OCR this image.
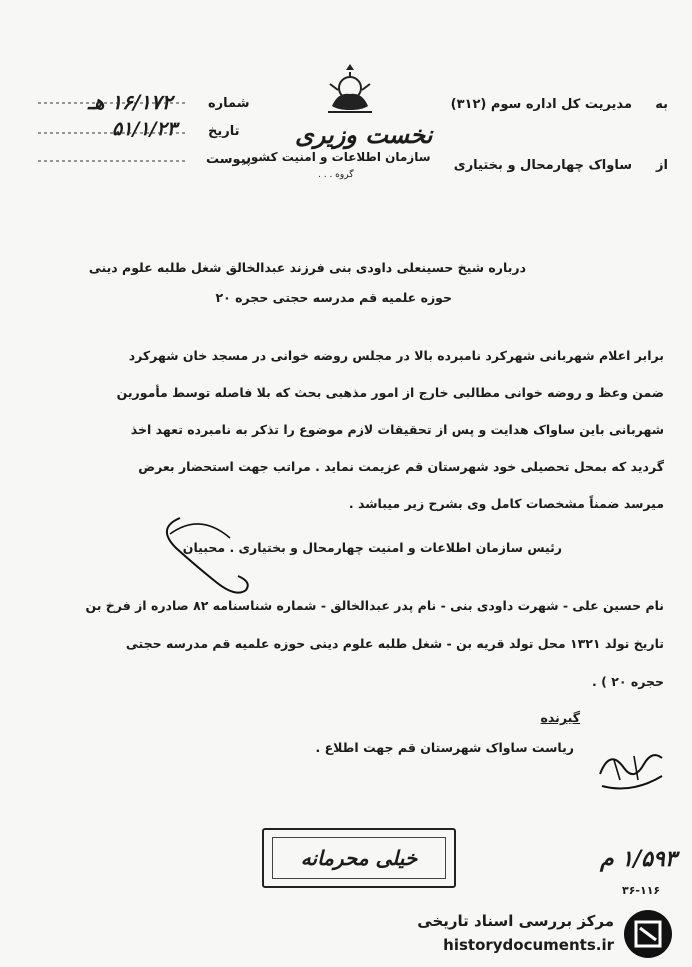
نخست وزیری
سازمان اطلاعات و امنیت کشور
گروه . . .
به
مدیریت کل اداره سوم (۳۱۲)
از
ساواک چهارمحال و بختیاری
شماره
۱۶/۱۷۲ هـ
تاریخ
۵۱/۱/۲۳
پیوست
درباره شیخ حسینعلی داودی بنی فرزند عبدالخالق شغل طلبه علوم دینی
حوزه علمیه قم مدرسه حجتی حجره ۲۰
برابر اعلام شهربانی شهرکرد نامبرده بالا در مجلس روضه خوانی در مسجد خان شهرکرد
ضمن وعظ و روضه خوانی مطالبی خارج از امور مذهبی بحث که بلا فاصله توسط مأمورین
شهربانی باین ساواک هدایت و پس از تحقیقات لازم موضوع را تذکر به نامبرده تعهد اخذ
گردید که بمحل تحصیلی خود شهرستان قم عزیمت نماید . مراتب جهت استحضار بعرض
میرسد ضمناً مشخصات کامل وی بشرح زیر میباشد .
رئیس سازمان اطلاعات و امنیت چهارمحال و بختیاری . محبیان
نام حسین علی - شهرت داودی بنی - نام پدر عبدالخالق - شماره شناسنامه ۸۲ صادره از فرخ بن
تاریخ تولد ۱۳۲۱ محل تولد قریه بن - شغل طلبه علوم دینی حوزه علمیه قم مدرسه حجتی
حجره ۲۰ ) .
گیرنده
ریاست ساواک شهرستان قم جهت اطلاع .
خیلی محرمانه	۱/۵۹۳ م
۳۶-۱۱۶
مرکز بررسی اسناد تاریخی
historydocuments.ir
